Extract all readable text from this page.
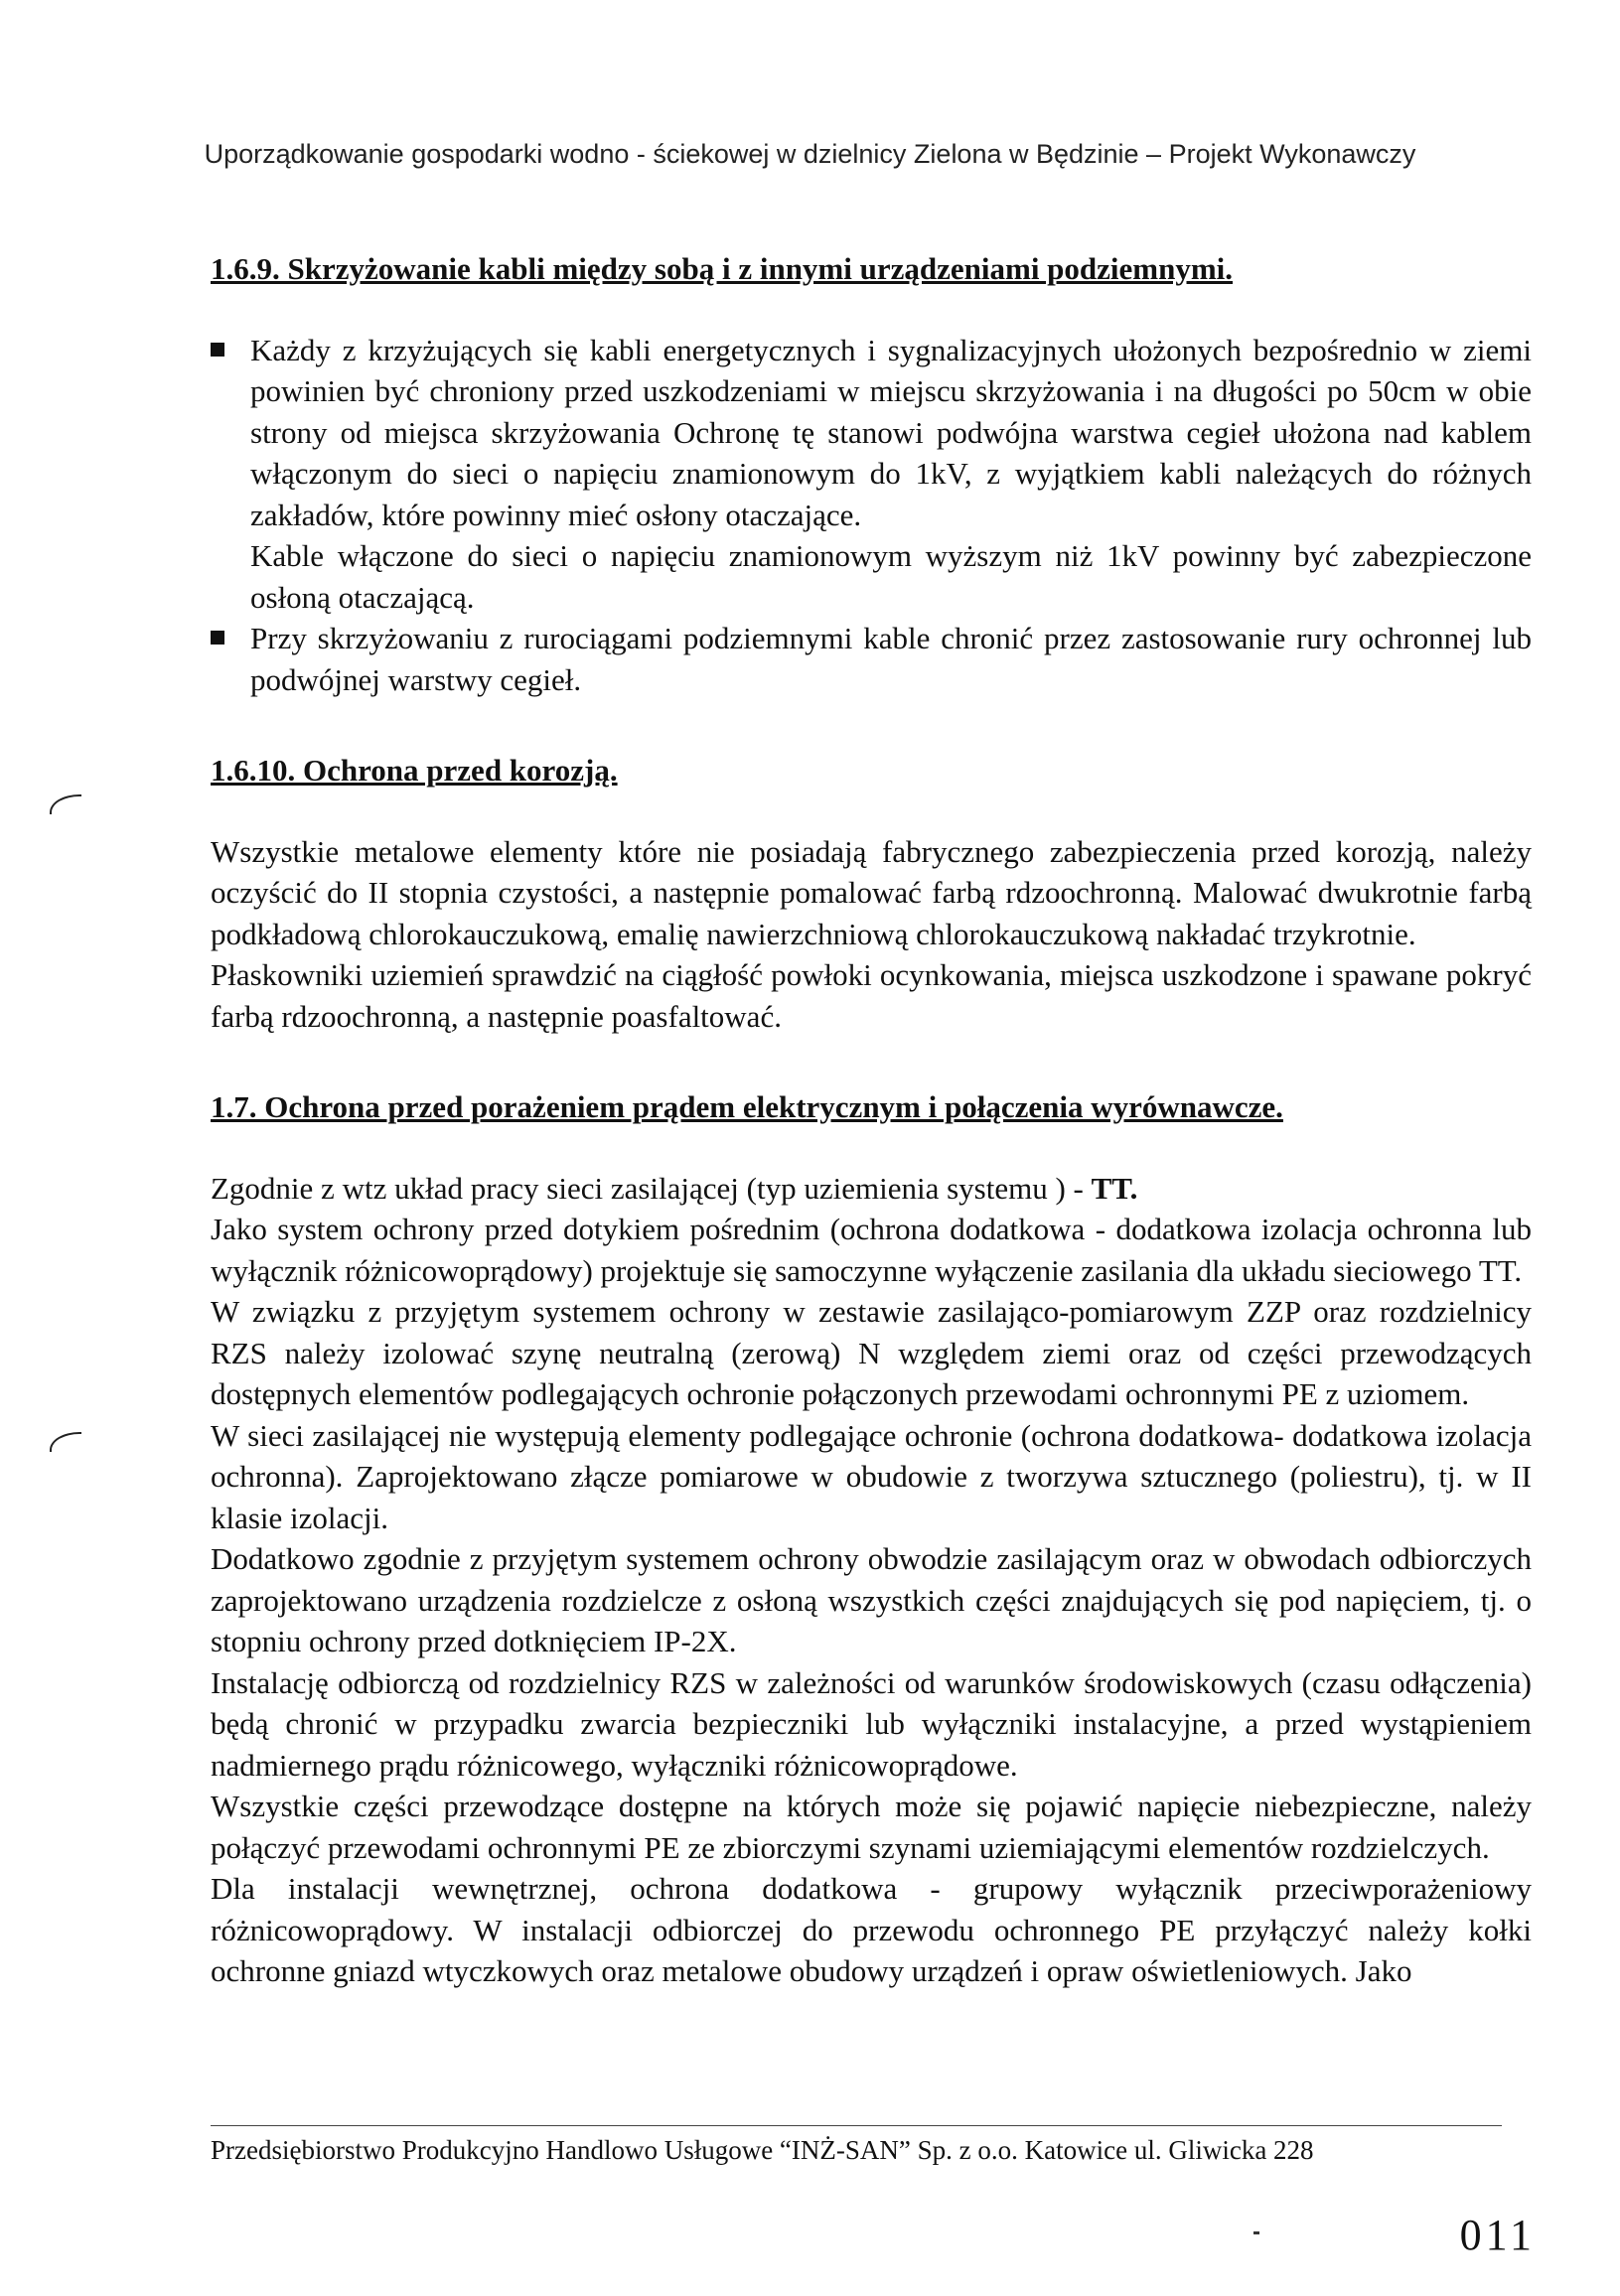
Uporządkowanie gospodarki wodno - ściekowej w dzielnicy Zielona w Będzinie – Projekt Wykonawczy
1.6.9. Skrzyżowanie kabli między sobą i z innymi urządzeniami podziemnymi.
Każdy z krzyżujących się kabli energetycznych i sygnalizacyjnych ułożonych bezpośrednio w ziemi powinien być chroniony przed uszkodzeniami w miejscu skrzyżowania i na długości po 50cm w obie strony od miejsca skrzyżowania Ochronę tę stanowi podwójna warstwa cegieł ułożona nad kablem włączonym do sieci o napięciu znamionowym do 1kV, z wyjątkiem kabli należących do różnych zakładów, które powinny mieć osłony otaczające.
Kable włączone do sieci o napięciu znamionowym wyższym niż 1kV powinny być zabezpieczone osłoną otaczającą.
Przy skrzyżowaniu z rurociągami podziemnymi kable chronić przez zastosowanie rury ochronnej lub podwójnej warstwy cegieł.
1.6.10. Ochrona przed korozją.

Wszystkie metalowe elementy które nie posiadają fabrycznego zabezpieczenia przed korozją, należy oczyścić do II stopnia czystości, a następnie pomalować farbą rdzoochronną. Malować dwukrotnie farbą podkładową chlorokauczukową, emalię nawierzchniową chlorokauczukową nakładać trzykrotnie.

Płaskowniki uziemień sprawdzić na ciągłość powłoki ocynkowania, miejsca uszkodzone i spawane pokryć farbą rdzoochronną, a następnie poasfaltować.

1.7. Ochrona przed porażeniem prądem elektrycznym i połączenia wyrównawcze.

Zgodnie z wtz układ pracy sieci zasilającej (typ uziemienia systemu ) - TT.

Jako system ochrony przed dotykiem pośrednim (ochrona dodatkowa - dodatkowa izolacja ochronna lub wyłącznik różnicowoprądowy) projektuje się samoczynne wyłączenie zasilania dla układu sieciowego TT.

W związku z przyjętym systemem ochrony w zestawie zasilająco-pomiarowym ZZP oraz rozdzielnicy RZS należy izolować szynę neutralną (zerową) N względem ziemi oraz od części przewodzących dostępnych elementów podlegających ochronie połączonych przewodami ochronnymi PE z uziomem.

W sieci zasilającej nie występują elementy podlegające ochronie (ochrona dodatkowa- dodatkowa izolacja ochronna). Zaprojektowano złącze pomiarowe w obudowie z tworzywa sztucznego (poliestru), tj. w II klasie izolacji.

Dodatkowo zgodnie z przyjętym systemem ochrony obwodzie zasilającym oraz w obwodach odbiorczych zaprojektowano urządzenia rozdzielcze z osłoną wszystkich części znajdujących się pod napięciem, tj. o stopniu ochrony przed dotknięciem IP-2X.

Instalację odbiorczą od rozdzielnicy RZS w zależności od warunków środowiskowych (czasu odłączenia) będą chronić w przypadku zwarcia bezpieczniki lub wyłączniki instalacyjne, a przed wystąpieniem nadmiernego prądu różnicowego, wyłączniki różnicowoprądowe.

Wszystkie części przewodzące dostępne na których może się pojawić napięcie niebezpieczne, należy połączyć przewodami ochronnymi PE ze zbiorczymi szynami uziemiającymi elementów rozdzielczych.

Dla instalacji wewnętrznej, ochrona dodatkowa - grupowy wyłącznik przeciwporażeniowy różnicowoprądowy. W instalacji odbiorczej do przewodu ochronnego PE przyłączyć należy kołki ochronne gniazd wtyczkowych oraz metalowe obudowy urządzeń i opraw oświetleniowych. Jako

Przedsiębiorstwo Produkcyjno Handlowo Usługowe “INŻ-SAN” Sp. z o.o. Katowice ul. Gliwicka 228
011
